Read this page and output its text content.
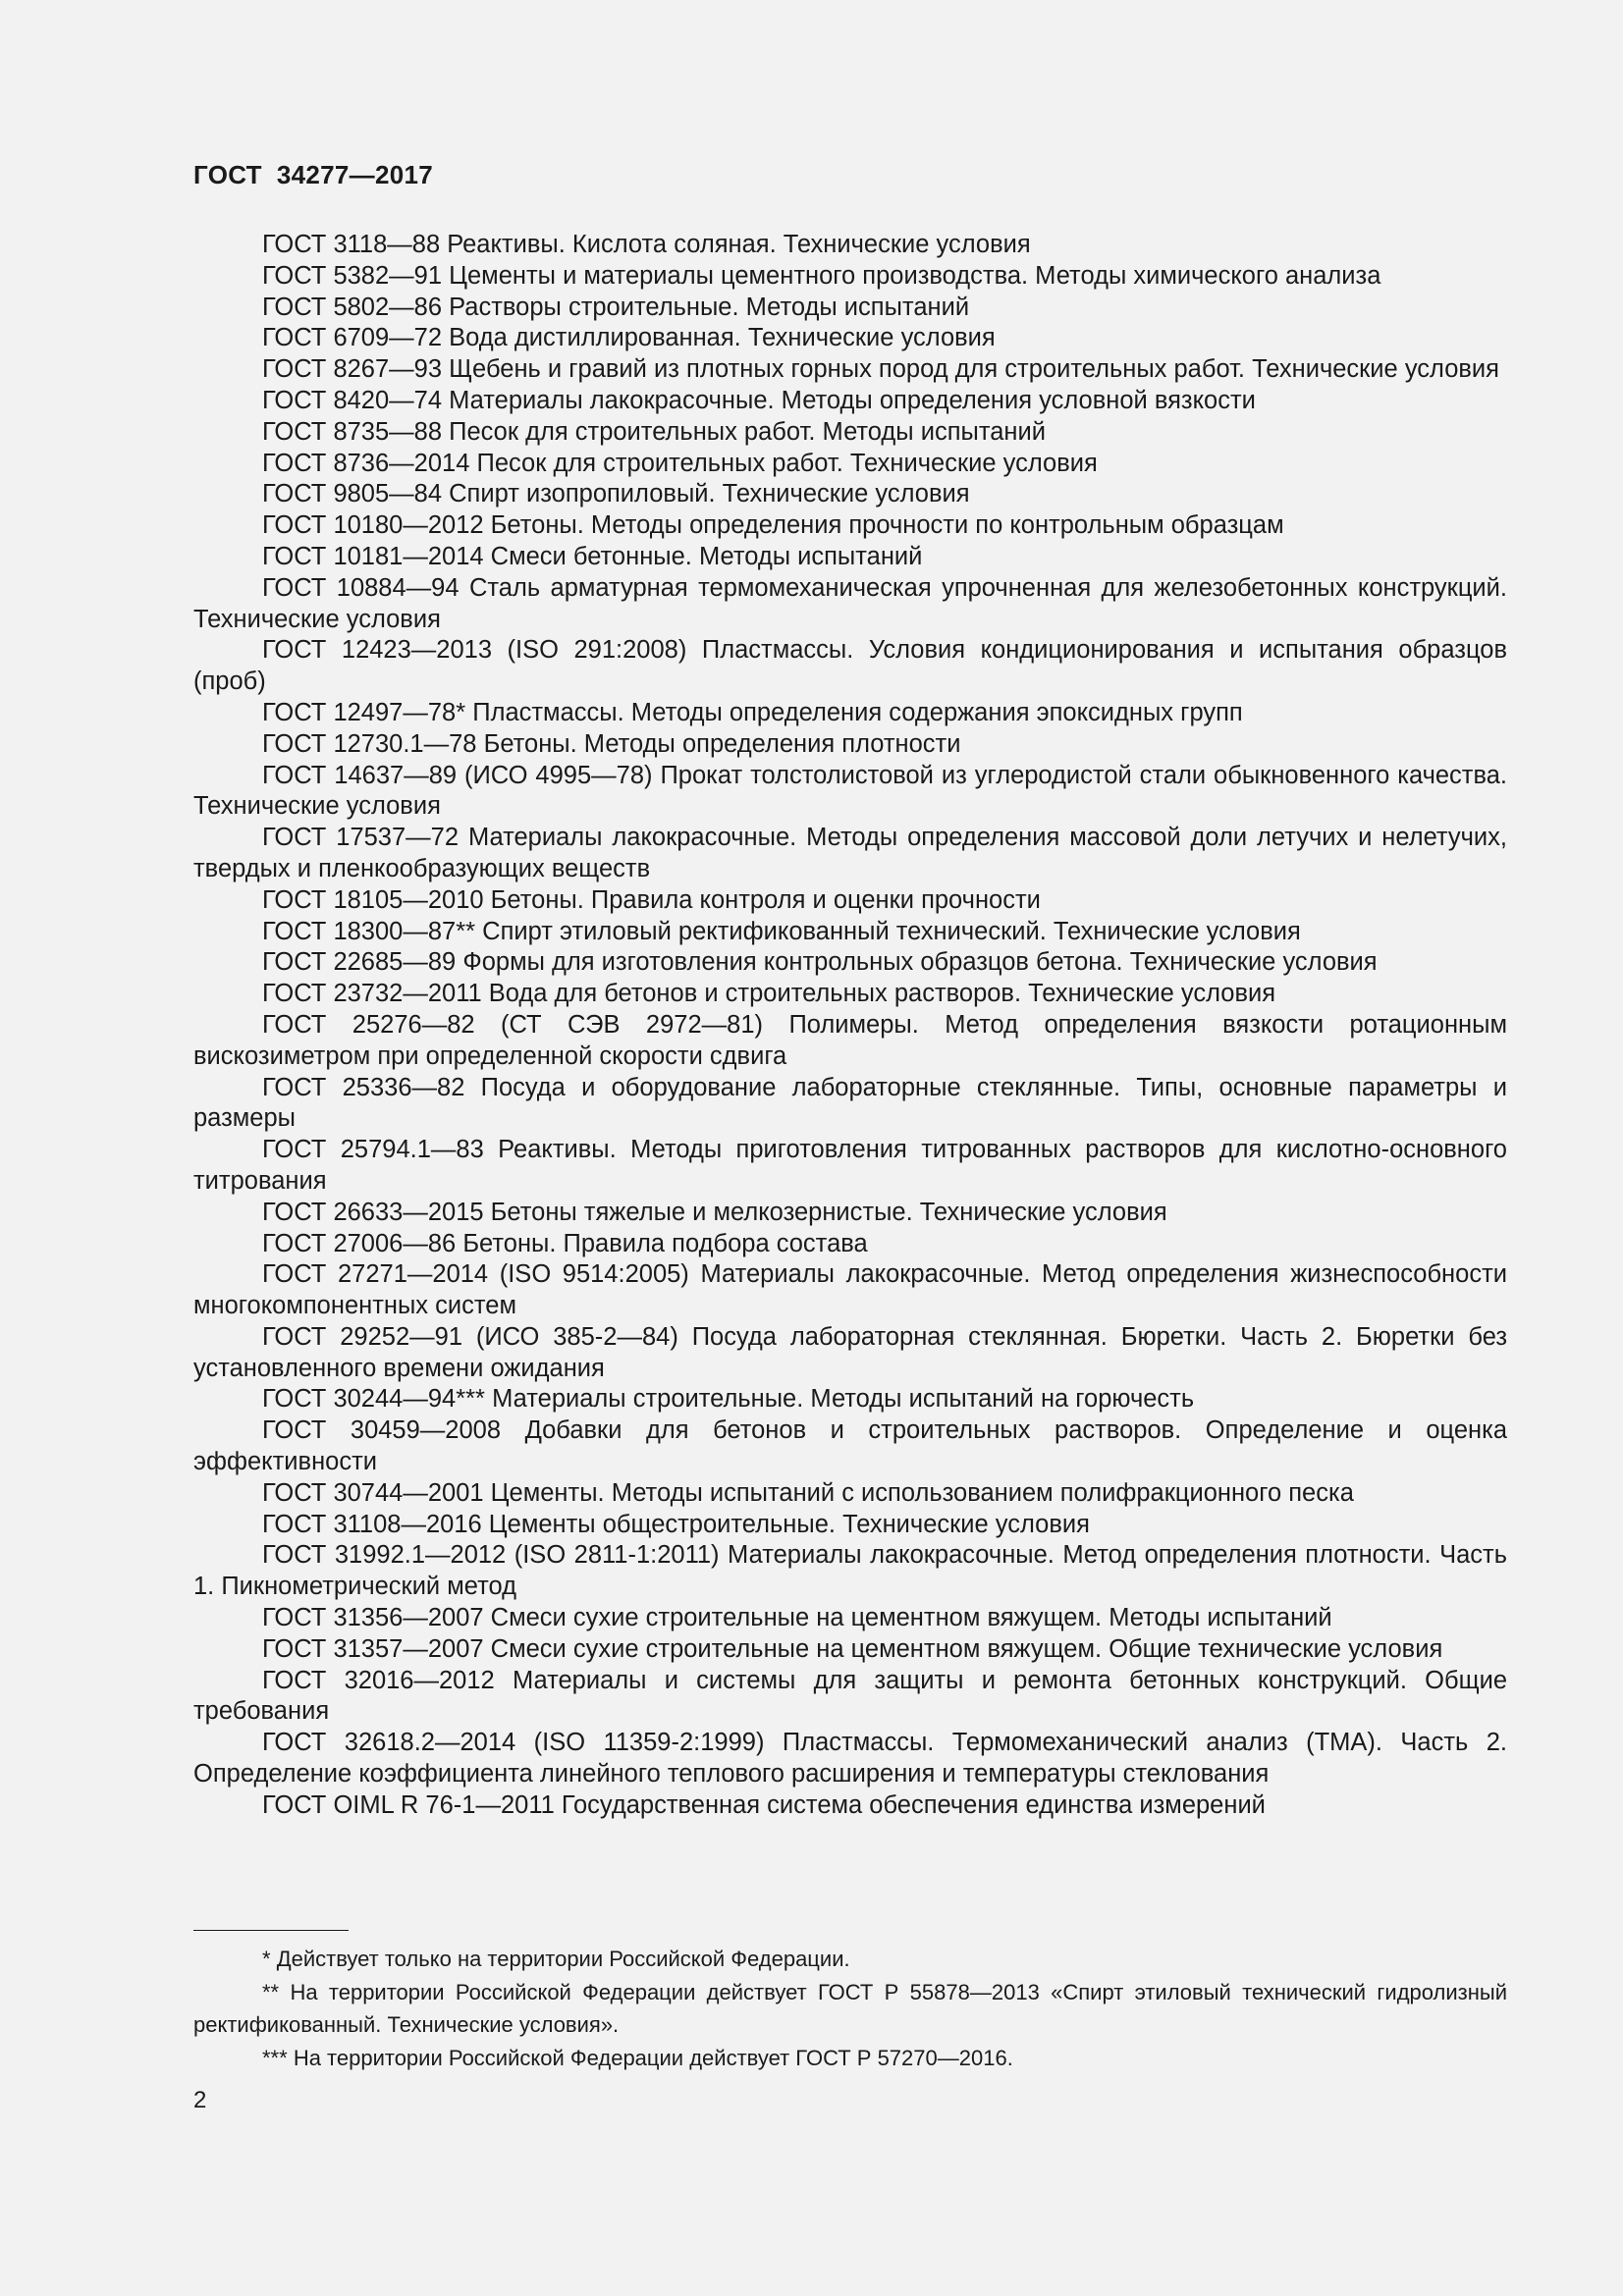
ГОСТ  34277—2017

ГОСТ 3118—88 Реактивы. Кислота соляная. Технические условия

ГОСТ 5382—91 Цементы и материалы цементного производства. Методы химического анализа

ГОСТ 5802—86 Растворы строительные. Методы испытаний

ГОСТ 6709—72 Вода дистиллированная. Технические условия

ГОСТ 8267—93 Щебень и гравий из плотных горных пород для строительных работ. Технические условия

ГОСТ 8420—74 Материалы лакокрасочные. Методы определения условной вязкости

ГОСТ 8735—88 Песок для строительных работ. Методы испытаний

ГОСТ 8736—2014 Песок для строительных работ. Технические условия

ГОСТ 9805—84 Спирт изопропиловый. Технические условия

ГОСТ 10180—2012 Бетоны. Методы определения прочности по контрольным образцам

ГОСТ 10181—2014 Смеси бетонные. Методы испытаний

ГОСТ 10884—94 Сталь арматурная термомеханическая упрочненная для железобетонных конструкций. Технические условия

ГОСТ 12423—2013 (ISO 291:2008) Пластмассы. Условия кондиционирования и испытания образцов (проб)

ГОСТ 12497—78* Пластмассы. Методы определения содержания эпоксидных групп

ГОСТ 12730.1—78 Бетоны. Методы определения плотности

ГОСТ 14637—89 (ИСО 4995—78) Прокат толстолистовой из углеродистой стали обыкновенного качества. Технические условия

ГОСТ 17537—72 Материалы лакокрасочные. Методы определения массовой доли летучих и нелетучих, твердых и пленкообразующих веществ

ГОСТ 18105—2010 Бетоны. Правила контроля и оценки прочности

ГОСТ 18300—87** Спирт этиловый ректификованный технический. Технические условия

ГОСТ 22685—89 Формы для изготовления контрольных образцов бетона. Технические условия

ГОСТ 23732—2011 Вода для бетонов и строительных растворов. Технические условия

ГОСТ 25276—82 (СТ СЭВ 2972—81) Полимеры. Метод определения вязкости ротационным вискозиметром при определенной скорости сдвига

ГОСТ 25336—82 Посуда и оборудование лабораторные стеклянные. Типы, основные параметры и размеры

ГОСТ 25794.1—83 Реактивы. Методы приготовления титрованных растворов для кислотно-основного титрования

ГОСТ 26633—2015 Бетоны тяжелые и мелкозернистые. Технические условия

ГОСТ 27006—86 Бетоны. Правила подбора состава

ГОСТ 27271—2014 (ISO 9514:2005) Материалы лакокрасочные. Метод определения жизнеспособности многокомпонентных систем

ГОСТ 29252—91 (ИСО 385-2—84) Посуда лабораторная стеклянная. Бюретки. Часть 2. Бюретки без установленного времени ожидания

ГОСТ 30244—94*** Материалы строительные. Методы испытаний на горючесть

ГОСТ 30459—2008 Добавки для бетонов и строительных растворов. Определение и оценка эффективности

ГОСТ 30744—2001 Цементы. Методы испытаний с использованием полифракционного песка

ГОСТ 31108—2016 Цементы общестроительные. Технические условия

ГОСТ 31992.1—2012 (ISO 2811-1:2011) Материалы лакокрасочные. Метод определения плотности. Часть 1. Пикнометрический метод

ГОСТ 31356—2007 Смеси сухие строительные на цементном вяжущем. Методы испытаний

ГОСТ 31357—2007 Смеси сухие строительные на цементном вяжущем. Общие технические условия

ГОСТ 32016—2012 Материалы и системы для защиты и ремонта бетонных конструкций. Общие требования

ГОСТ 32618.2—2014 (ISO 11359-2:1999) Пластмассы. Термомеханический анализ (ТМА). Часть 2. Определение коэффициента линейного теплового расширения и температуры стеклования

ГОСТ OIML R 76-1—2011 Государственная система обеспечения единства измерений

* Действует только на территории Российской Федерации.

** На территории Российской Федерации действует ГОСТ Р 55878—2013 «Спирт этиловый технический гидролизный ректификованный. Технические условия».

*** На территории Российской Федерации действует ГОСТ Р 57270—2016.

2
